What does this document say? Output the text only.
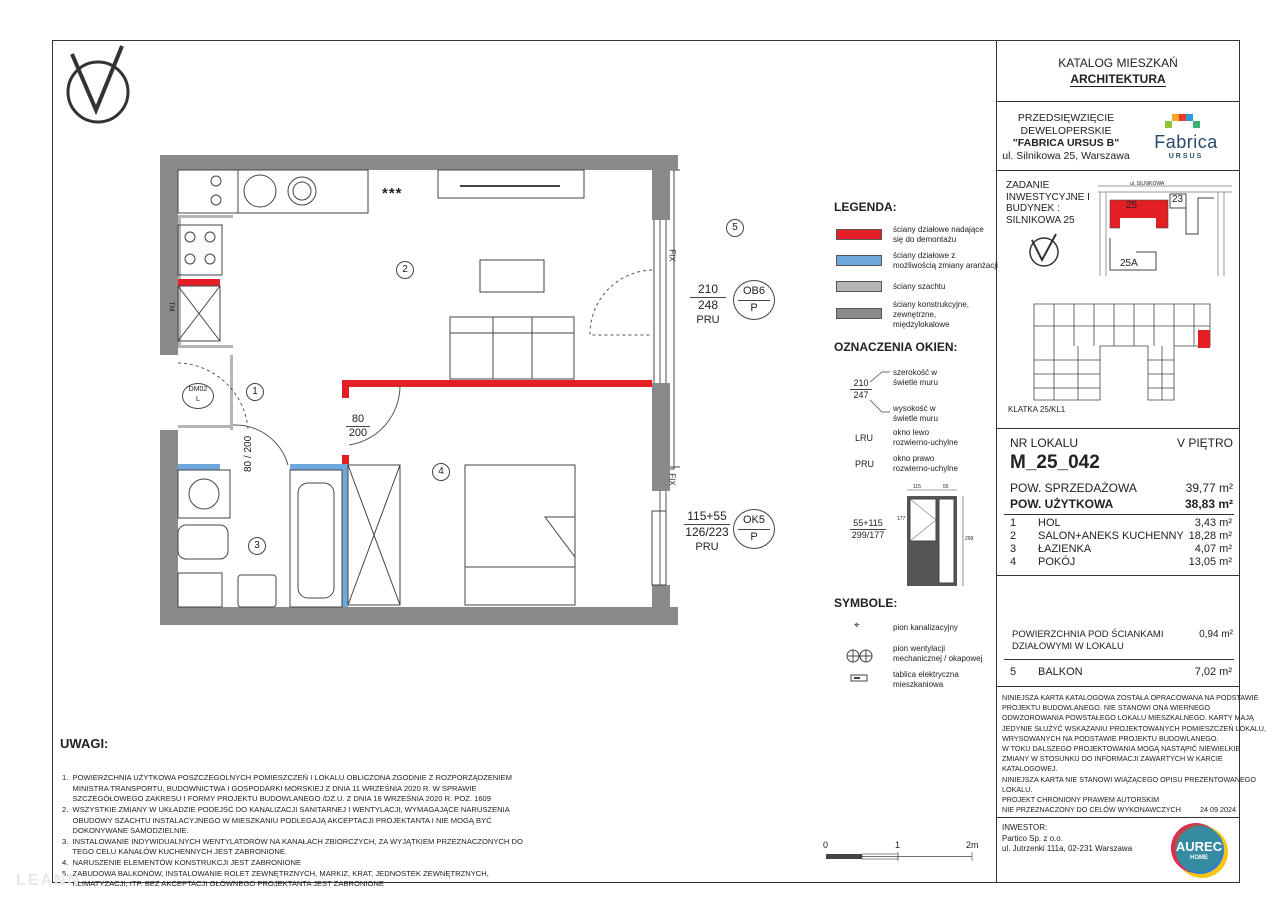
KATALOG MIESZKAŃ
ARCHITEKTURA
PRZEDSIĘWZIĘCIE
DEWELOPERSKIE
"FABRICA URSUS B"
ul. Silnikowa 25, Warszawa
Fabrica
URSUS
ZADANIE
INWESTYCYJNE I
BUDYNEK :
SILNIKOWA 25
ul. SILNIKOWA
25
23
25A
KLATKA 25/KL1
NR LOKALU	V PIĘTRO
M_25_042
POW. SPRZEDAŻOWA	39,77 m²
POW. UŻYTKOWA	38,83 m²
1 HOL	3,43 m²
2 SALON+ANEKS KUCHENNY 18,28 m²
3 ŁAZIENKA	4,07 m²
4 POKÓJ	13,05 m²
POWIERZCHNIA POD ŚCIANKAMI
DZIAŁOWYMI W LOKALU
0,94 m²
5 BALKON	7,02 m²
NINIEJSZA KARTA KATALOGOWA ZOSTAŁA OPRACOWANA NA PODSTAWIE
PROJEKTU BUDOWLANEGO. NIE STANOWI ONA WIERNEGO
ODWZOROWANIA POWSTAŁEGO LOKALU MIESZKALNEGO. KARTY MAJĄ
JEDYNIE SŁUŻYĆ WSKAZANIU PROJEKTOWANYCH POMIESZCZEŃ LOKALU,
WRYSOWANYCH NA PODSTAWIE PROJEKTU BUDOWLANEGO.
W TOKU DALSZEGO PROJEKTOWANIA MOGĄ NASTĄPIĆ NIEWIELKIE
ZMIANY W STOSUNKU DO INFORMACJI ZAWARTYCH W KARCIE
KATALOGOWEJ.
NINIEJSZA KARTA NIE STANOWI WIĄŻĄCEGO OPISU PREZENTOWANEGO
LOKALU.
PROJEKT CHRONIONY PRAWEM AUTORSKIM
NIE PRZEZNACZONY DO CELÓW WYKONAWCZYCH	24 09 2024
INWESTOR:
Partico Sp. z o.o.
ul. Jutrzenki 111a, 02-231 Warszawa	AUREC
HOME
1
2
3
4
5
***
TM
FIX
FIX
210
248
PRU
OB6
P
115+55
126/223
PRU
OK5
P
80
200
80 / 200
DM02
L
LEGENDA:
ściany działowe nadające
się do demontażu
ściany działowe z
możliwością zmiany aranżacji
ściany szachtu
ściany konstrukcyjne,
zewnętrzne,
międzylokalowe
OZNACZENIA OKIEN:
210
247
szerokość w
świetle muru
wysokość w
świetle muru
LRU
okno lewo
rozwierno-uchylne
PRU
okno prawo
rozwierno-uchylne
55+115
299/177
115	55
177
299
SYMBOLE:
⌖	pion kanalizacyjny
pion wentylacji
mechanicznej / okapowej
tablica elektryczna
mieszkaniowa
UWAGI:

1.  POWIERZCHNIA UŻYTKOWA POSZCZEGÓLNYCH POMIESZCZEŃ I LOKALU OBLICZONA ZGODNIE Z ROZPORZĄDZENIEM
MINISTRA TRANSPORTU, BUDOWNICTWA I GOSPODARKI MORSKIEJ Z DNIA 11 WRZEŚNIA 2020 R. W SPRAWIE
SZCZEGÓŁOWEGO ZAKRESU I FORMY PROJEKTU BUDOWLANEGO /DZ.U. Z DNIA 18 WRZEŚNIA 2020 R. POZ. 1609
2.  WSZYSTKIE ZMIANY W UKŁADZIE PODEJŚĆ DO KANALIZACJI SANITARNEJ I WENTYLACJI, WYMAGAJĄCE NARUSZENIA
OBUDOWY SZACHTU INSTALACYJNEGO W MIESZKANIU PODLEGAJĄ AKCEPTACJI PROJEKTANTA I NIE MOGĄ BYĆ
DOKONYWANE SAMODZIELNIE.
3.  INSTALOWANIE INDYWIDUALNYCH WENTYLATORÓW NA KANAŁACH ZBIORCZYCH, ZA WYJĄTKIEM PRZEZNACZONYCH DO
TEGO CELU KANAŁÓW KUCHENNYCH JEST ZABRONIONE.
4.  NARUSZENIE ELEMENTÓW KONSTRUKCJI JEST ZABRONIONE
5.  ZABUDOWA BALKONÓW, INSTALOWANIE ROLET ZEWNĘTRZNYCH, MARKIZ, KRAT, JEDNOSTEK ZEWNĘTRZNYCH,
KLIMATYZACJI, ITP. BEZ AKCEPTACJI GŁÓWNEGO PROJEKTANTA JEST ZABRONIONE

0	1	2m
LEANN
